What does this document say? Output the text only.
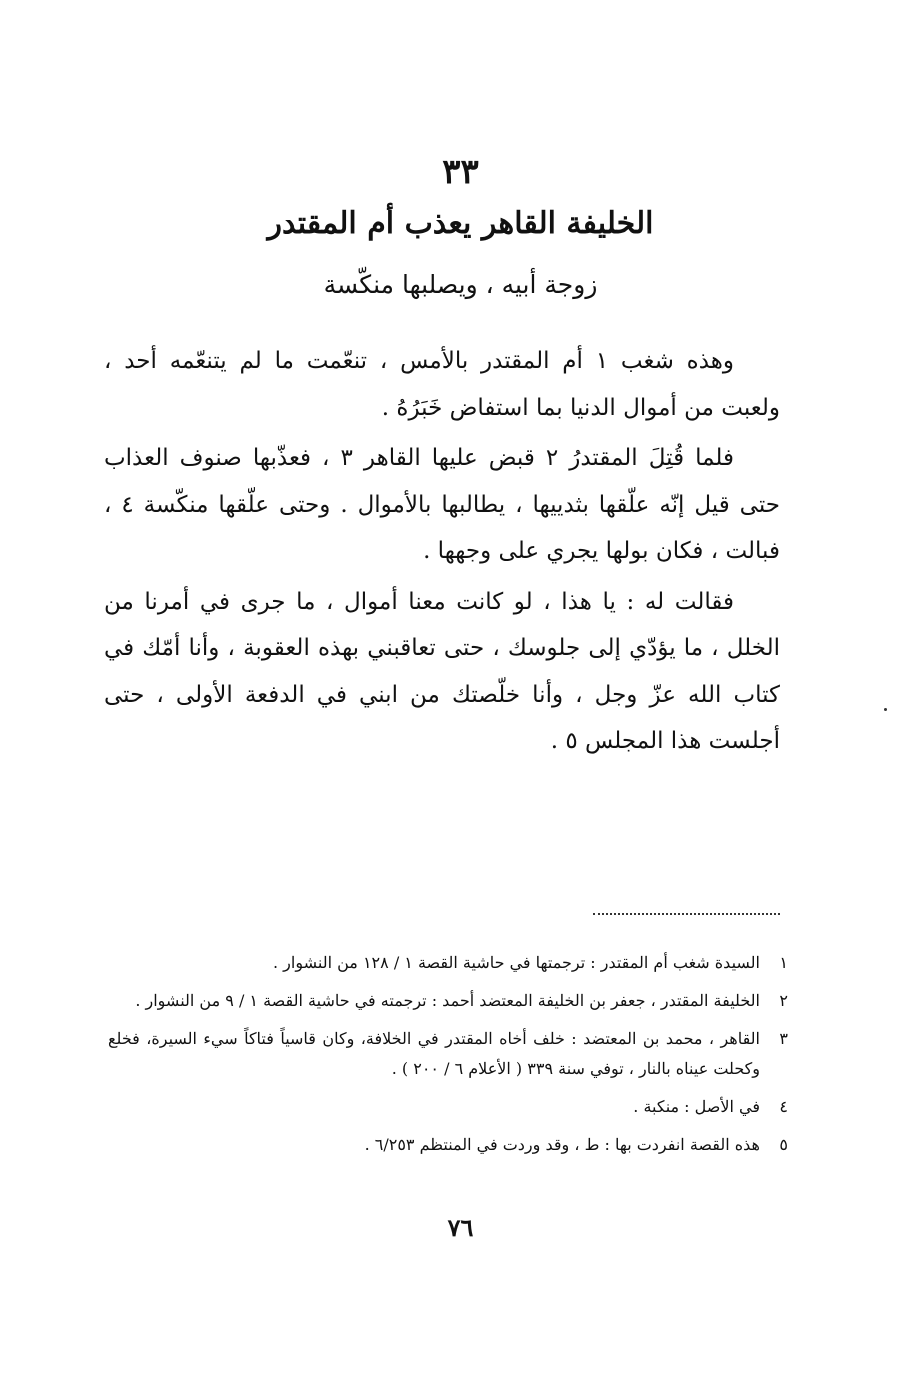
٣٣
الخليفة القاهر يعذب أم المقتدر
زوجة أبيه ، ويصلبها منكّسة

وهذه شغب ١ أم المقتدر بالأمس ، تنعّمت ما لم يتنعّمه أحد ، ولعبت من أموال الدنيا بما استفاض خَبَرُهُ .

فلما قُتِلَ المقتدرُ ٢ قبض عليها القاهر ٣ ، فعذّبها صنوف العذاب حتى قيل إنّه علّقها بثدييها ، يطالبها بالأموال . وحتى علّقها منكّسة ٤ ، فبالت ، فكان بولها يجري على وجهها .

فقالت له : يا هذا ، لو كانت معنا أموال ، ما جرى في أمرنا من الخلل ، ما يؤدّي إلى جلوسك ، حتى تعاقبني بهذه العقوبة ، وأنا أمّك في كتاب الله عزّ وجل ، وأنا خلّصتك من ابني في الدفعة الأولى ، حتى أجلست هذا المجلس ٥ .

١
السيدة شغب أم المقتدر : ترجمتها في حاشية القصة ١ / ١٢٨ من النشوار .
٢
الخليفة المقتدر ، جعفر بن الخليفة المعتضد أحمد : ترجمته في حاشية القصة ١ / ٩ من النشوار .
٣
القاهر ، محمد بن المعتضد : خلف أخاه المقتدر في الخلافة، وكان قاسياً فتاكاً سيء السيرة، فخلع وكحلت عيناه بالنار ، توفي سنة ٣٣٩ ( الأعلام ٦ / ٢٠٠ ) .
٤
في الأصل : منكبة .
٥
هذه القصة انفردت بها : ط ، وقد وردت في المنتظم ٦/٢٥٣ .
٧٦
